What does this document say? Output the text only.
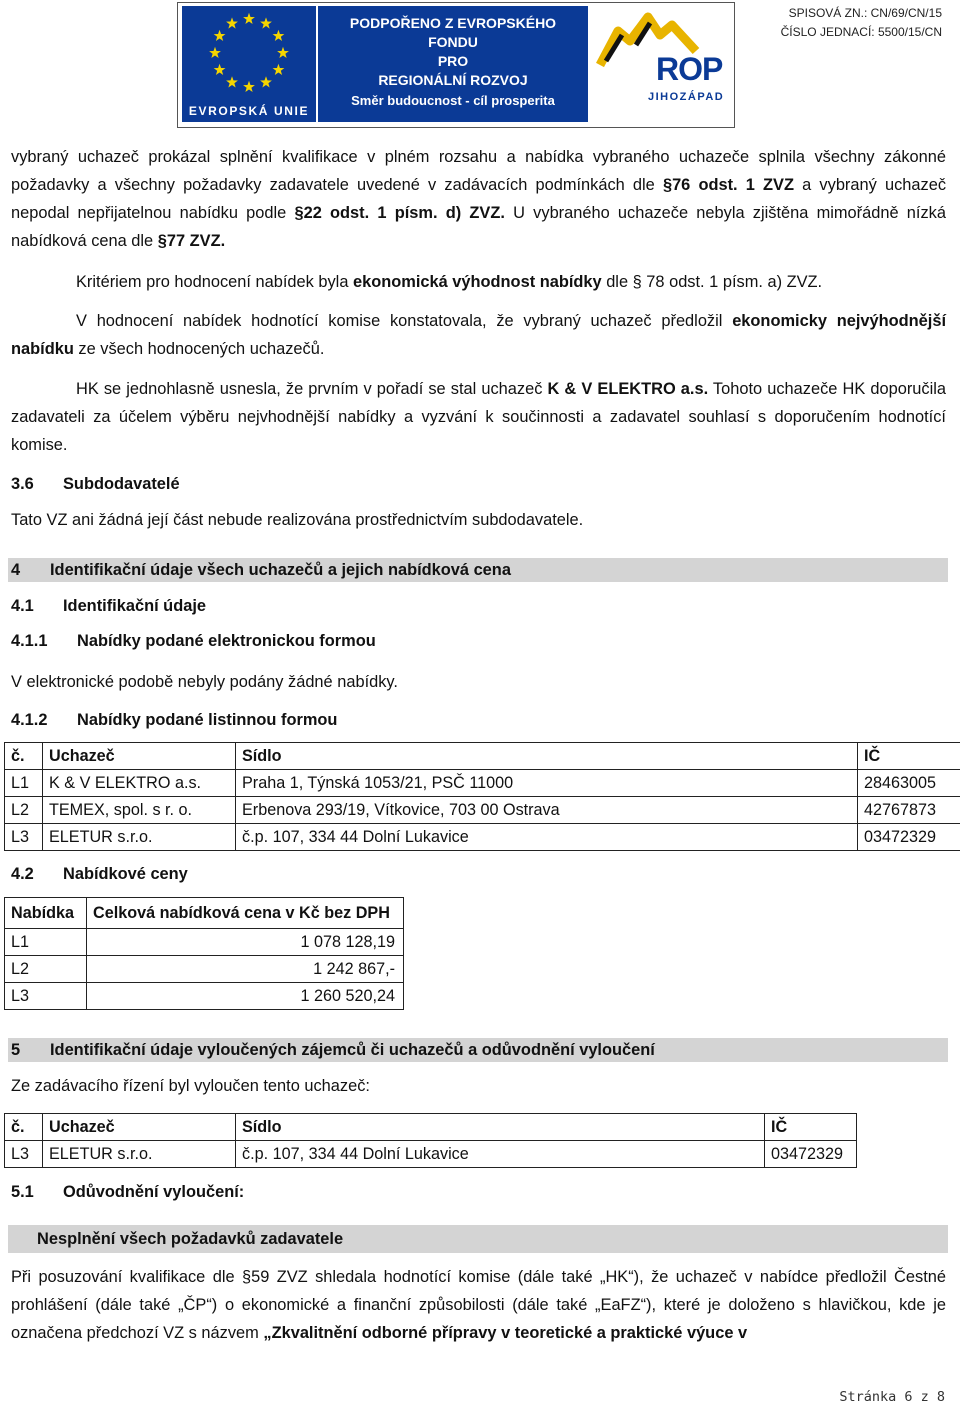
EVROPSKÁ UNIE
PODPOŘENO Z EVROPSKÉHO FONDU
PRO
REGIONÁLNÍ ROZVOJ
Směr budoucnost - cíl prosperita
ROP
JIHOZÁPAD
SPISOVÁ ZN.: CN/69/CN/15
ČÍSLO JEDNACÍ: 5500/15/CN
vybraný uchazeč prokázal splnění kvalifikace v plném rozsahu a nabídka vybraného uchazeče splnila všechny zákonné požadavky a všechny požadavky zadavatele uvedené v zadávacích podmínkách dle §76 odst. 1 ZVZ a vybraný uchazeč nepodal nepřijatelnou nabídku podle §22 odst. 1 písm. d) ZVZ. U vybraného uchazeče nebyla zjištěna mimořádně nízká nabídková cena dle §77 ZVZ.
Kritériem pro hodnocení nabídek byla ekonomická výhodnost nabídky dle § 78 odst. 1 písm. a) ZVZ.
V hodnocení nabídek hodnotící komise konstatovala, že vybraný uchazeč předložil ekonomicky nejvýhodnější nabídku ze všech hodnocených uchazečů.
HK se jednohlasně usnesla, že prvním v pořadí se stal uchazeč K & V ELEKTRO a.s. Tohoto uchazeče HK doporučila zadavateli za účelem výběru nejvhodnější nabídky a vyzvání k součinnosti a zadavatel souhlasí s doporučením hodnotící komise.
3.6 Subdodavatelé
Tato VZ ani žádná její část nebude realizována prostřednictvím subdodavatele.
4 Identifikační údaje všech uchazečů a jejich nabídková cena
4.1 Identifikační údaje
4.1.1 Nabídky podané elektronickou formou
V elektronické podobě nebyly podány žádné nabídky.
4.1.2 Nabídky podané listinnou formou
č.	Uchazeč	Sídlo	IČ
L1	K & V ELEKTRO a.s.	Praha 1, Týnská 1053/21, PSČ 11000	28463005
L2	TEMEX, spol. s r. o.	Erbenova 293/19, Vítkovice, 703 00 Ostrava	42767873
L3	ELETUR s.r.o.	č.p. 107, 334 44 Dolní Lukavice	03472329
4.2 Nabídkové ceny
Nabídka	Celková nabídková cena v Kč bez DPH
L1	1 078 128,19
L2	1 242 867,-
L3	1 260 520,24
5 Identifikační údaje vyloučených zájemců či uchazečů a odůvodnění vyloučení
Ze zadávacího řízení byl vyloučen tento uchazeč:
č.	Uchazeč	Sídlo	IČ
L3	ELETUR s.r.o.	č.p. 107, 334 44 Dolní Lukavice	03472329
5.1 Odůvodnění vyloučení:
Nesplnění všech požadavků zadavatele
Při posuzování kvalifikace dle §59 ZVZ shledala hodnotící komise (dále také „HK“), že uchazeč v nabídce předložil Čestné prohlášení (dále také „ČP“) o ekonomické a finanční způsobilosti (dále také „EaFZ“), které je doloženo s hlavičkou, kde je označena předchozí VZ s názvem „Zkvalitnění odborné přípravy v teoretické a praktické výuce v
Stránka 6 z 8
